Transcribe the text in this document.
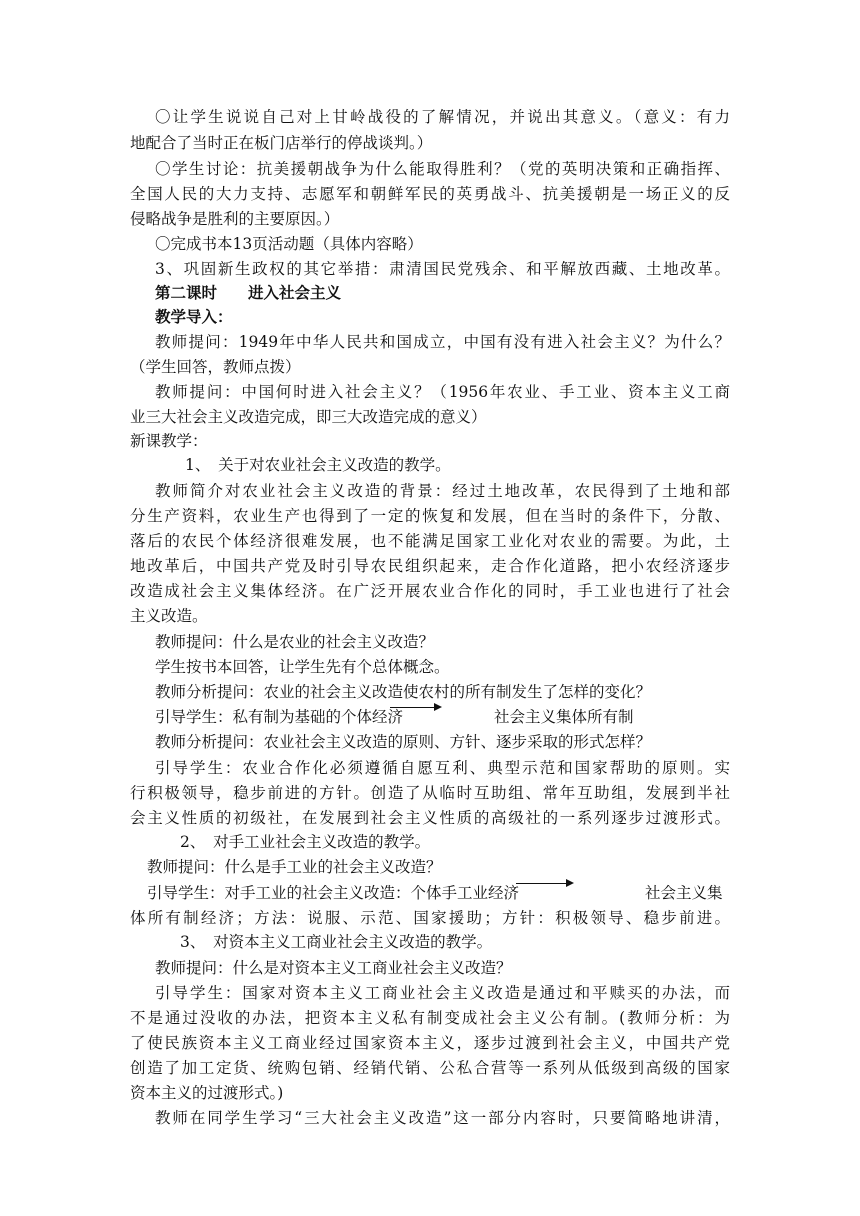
〇让学生说说自己对上甘岭战役的了解情况，并说出其意义。（意义：有力
地配合了当时正在板门店举行的停战谈判。）
〇学生讨论：抗美援朝战争为什么能取得胜利？（党的英明决策和正确指挥、
全国人民的大力支持、志愿军和朝鲜军民的英勇战斗、抗美援朝是一场正义的反
侵略战争是胜利的主要原因。）
〇完成书本13页活动题（具体内容略）
3、巩固新生政权的其它举措：肃清国民党残余、和平解放西藏、土地改革。
第二课时　　进入社会主义
教学导入：
教师提问：1949年中华人民共和国成立，中国有没有进入社会主义？为什么？
（学生回答，教师点拨）
教师提问：中国何时进入社会主义？（1956年农业、手工业、资本主义工商
业三大社会主义改造完成，即三大改造完成的意义）
新课教学：
1、　关于对农业社会主义改造的教学。
教师简介对农业社会主义改造的背景：经过土地改革，农民得到了土地和部
分生产资料，农业生产也得到了一定的恢复和发展，但在当时的条件下，分散、
落后的农民个体经济很难发展，也不能满足国家工业化对农业的需要。为此，土
地改革后，中国共产党及时引导农民组织起来，走合作化道路，把小农经济逐步
改造成社会主义集体经济。在广泛开展农业合作化的同时，手工业也进行了社会
主义改造。
教师提问：什么是农业的社会主义改造？
学生按书本回答，让学生先有个总体概念。
教师分析提问：农业的社会主义改造使农村的所有制发生了怎样的变化？
引导学生：私有制为基础的个体经济	社会主义集体所有制
教师分析提问：农业社会主义改造的原则、方针、逐步采取的形式怎样？
引导学生：农业合作化必须遵循自愿互利、典型示范和国家帮助的原则。实
行积极领导，稳步前进的方针。创造了从临时互助组、常年互助组，发展到半社
会主义性质的初级社，在发展到社会主义性质的高级社的一系列逐步过渡形式。
2、　对手工业社会主义改造的教学。
教师提问：什么是手工业的社会主义改造？
引导学生：对手工业的社会主义改造：个体手工业经济	社会主义集
体所有制经济；方法：说服、示范、国家援助；方针：积极领导、稳步前进。
3、　对资本主义工商业社会主义改造的教学。
教师提问：什么是对资本主义工商业社会主义改造？
引导学生：国家对资本主义工商业社会主义改造是通过和平赎买的办法，而
不是通过没收的办法，把资本主义私有制变成社会主义公有制。(教师分析：为
了使民族资本主义工商业经过国家资本主义，逐步过渡到社会主义，中国共产党
创造了加工定货、统购包销、经销代销、公私合营等一系列从低级到高级的国家
资本主义的过渡形式。)
教师在同学生学习“三大社会主义改造”这一部分内容时，只要简略地讲清，
